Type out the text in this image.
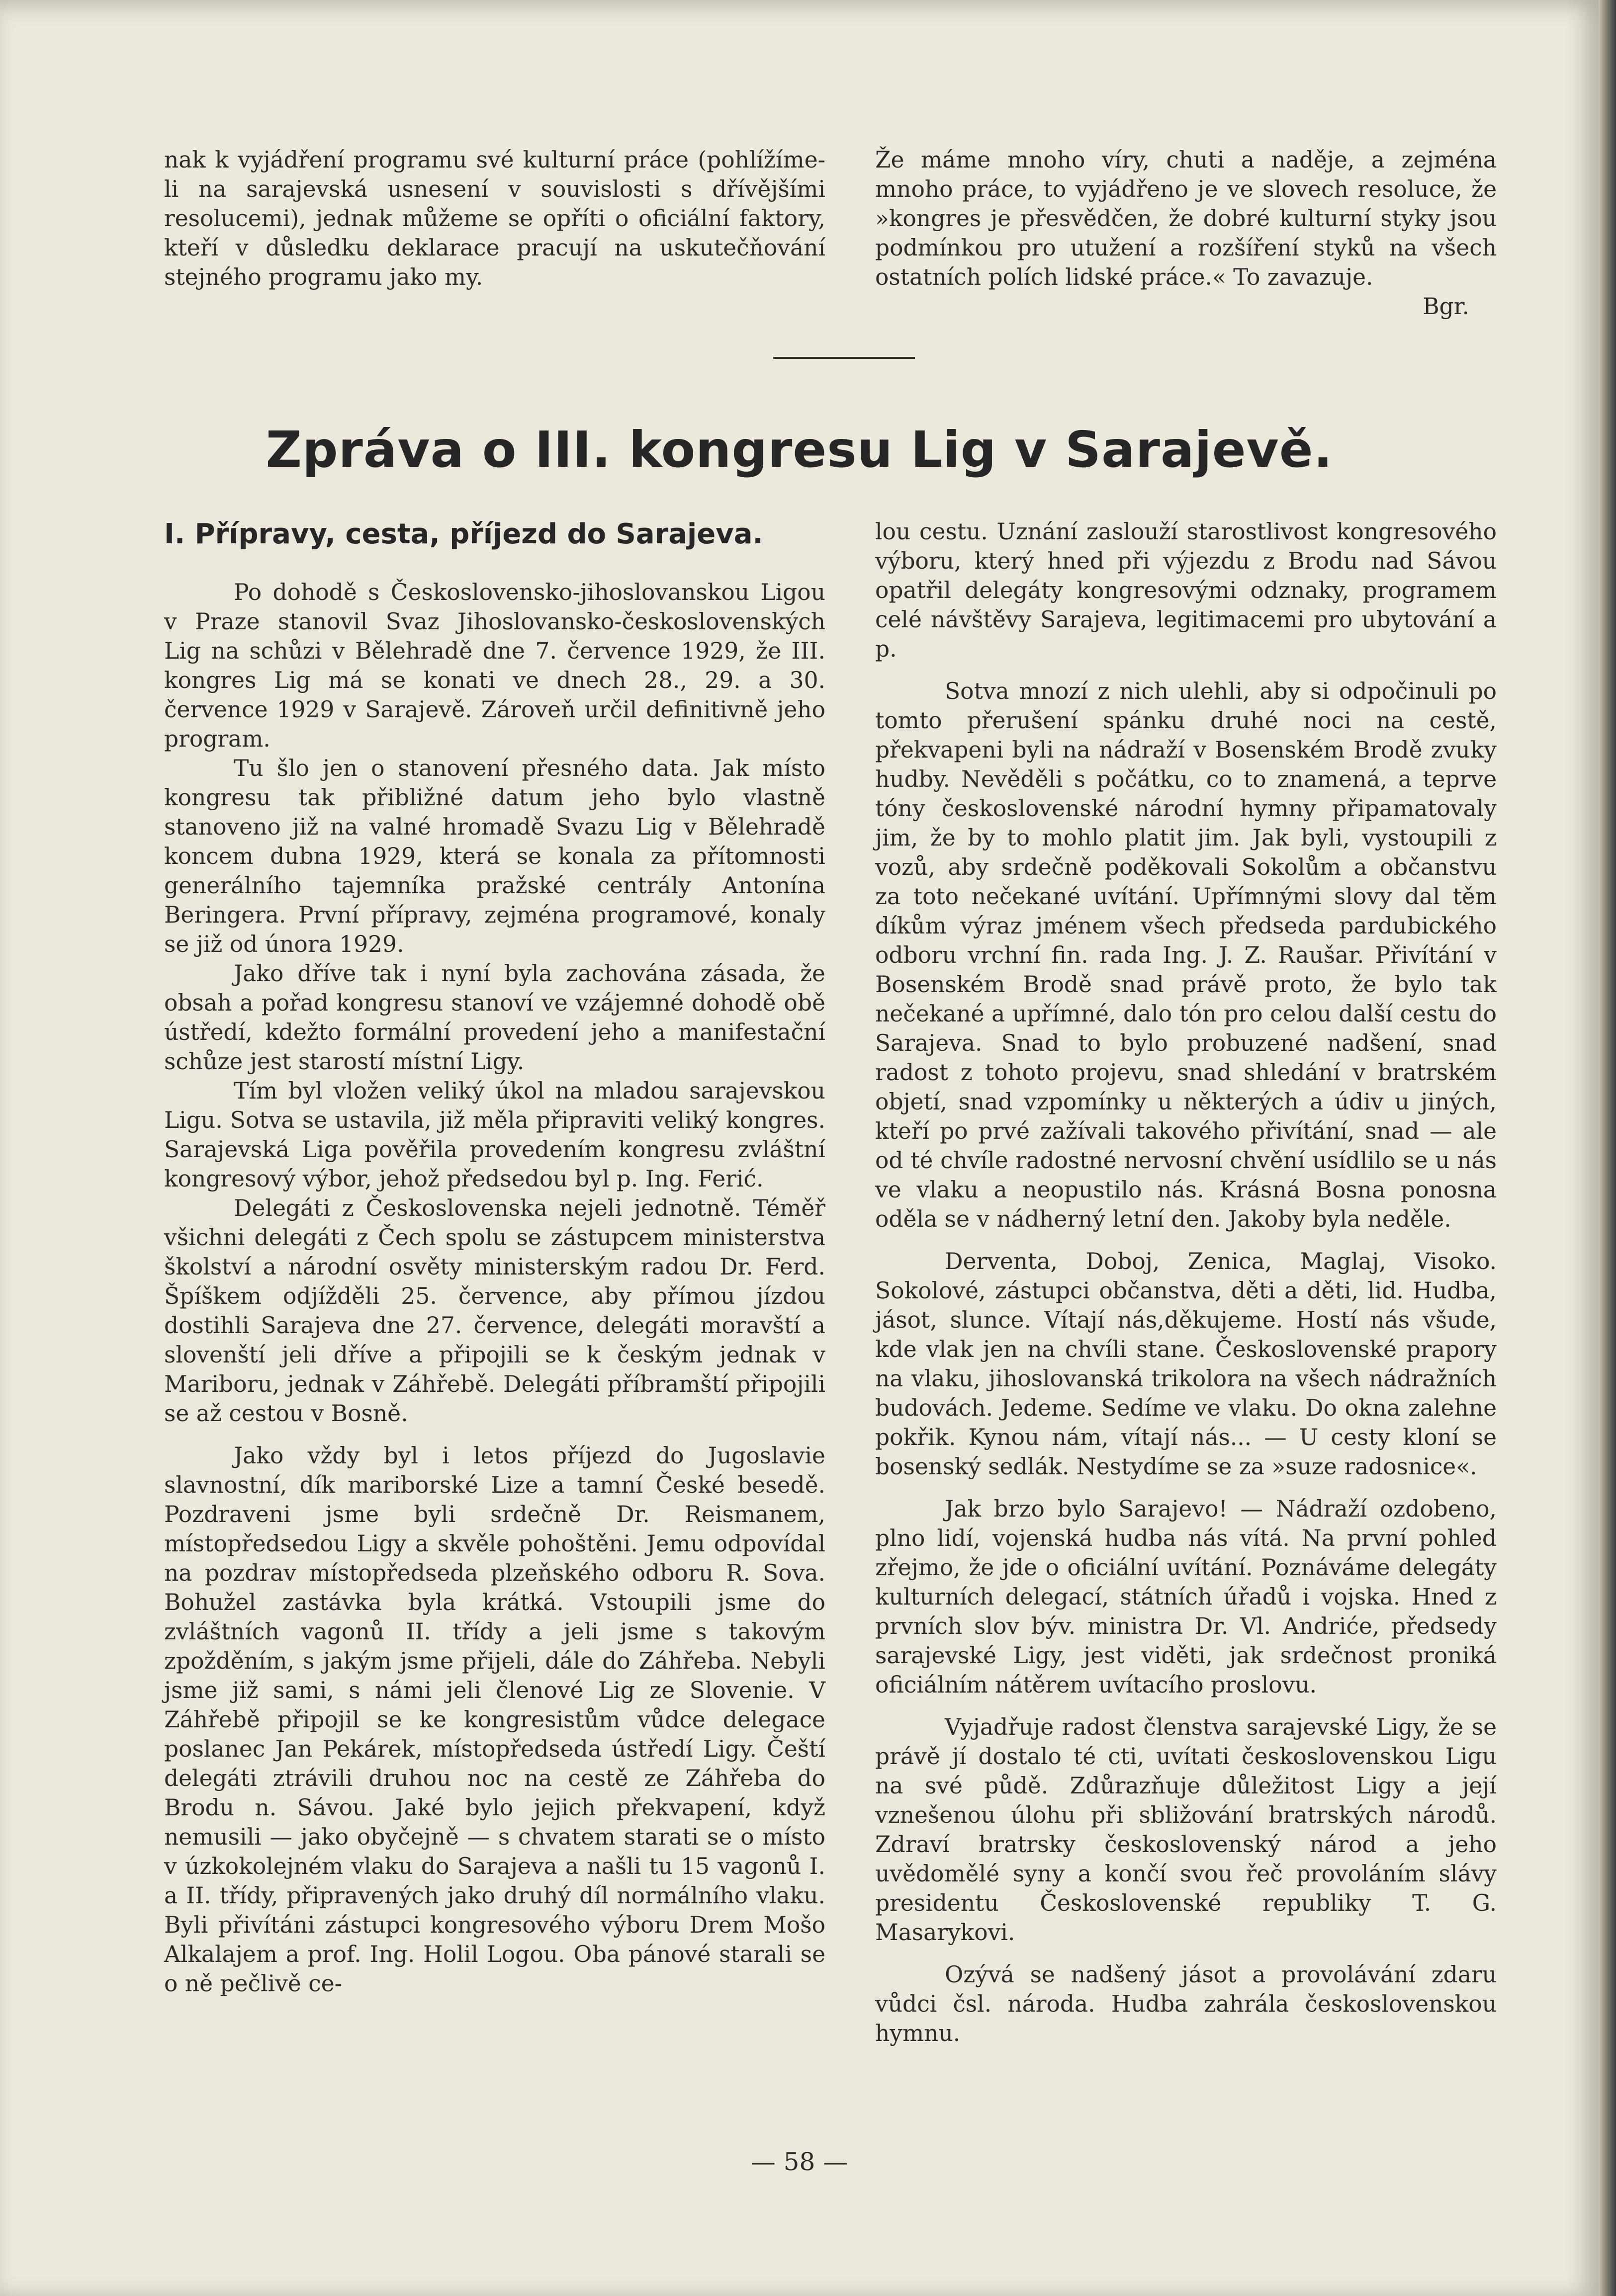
nak k vyjádření programu své kulturní práce (pohlížíme-li na sarajevská usnesení v souvislosti s dřívějšími resolucemi), jednak můžeme se opříti o oficiální faktory, kteří v důsledku deklarace pracují na uskutečňování stejného programu jako my.

Že máme mnoho víry, chuti a naděje, a zejména mnoho práce, to vyjádřeno je ve slovech resoluce, že »kongres je přesvědčen, že dobré kulturní styky jsou podmínkou pro utužení a rozšíření styků na všech ostatních polích lidské práce.« To zavazuje.

Bgr.
Zpráva o III. kongresu Lig v Sarajevě.
I. Přípravy, cesta, příjezd do Sarajeva.

Po dohodě s Československo-jihoslovanskou Ligou v Praze stanovil Svaz Jihoslovansko-československých Lig na schůzi v Bělehradě dne 7. července 1929, že III. kongres Lig má se konati ve dnech 28., 29. a 30. července 1929 v Sarajevě. Zároveň určil definitivně jeho program.

Tu šlo jen o stanovení přesného data. Jak místo kongresu tak přibližné datum jeho bylo vlastně stanoveno již na valné hromadě Svazu Lig v Bělehradě koncem dubna 1929, která se konala za přítomnosti generálního tajemníka pražské centrály Antonína Beringera. První přípravy, zejména programové, konaly se již od února 1929.

Jako dříve tak i nyní byla zachována zásada, že obsah a pořad kongresu stanoví ve vzájemné dohodě obě ústředí, kdežto formální provedení jeho a manifestační schůze jest starostí místní Ligy.

Tím byl vložen veliký úkol na mladou sarajevskou Ligu. Sotva se ustavila, již měla připraviti veliký kongres. Sarajevská Liga pověřila provedením kongresu zvláštní kongresový výbor, jehož předsedou byl p. Ing. Ferić.

Delegáti z Československa nejeli jednotně. Téměř všichni delegáti z Čech spolu se zástupcem ministerstva školství a národní osvěty ministerským radou Dr. Ferd. Špíškem odjížděli 25. července, aby přímou jízdou dostihli Sarajeva dne 27. července, delegáti moravští a slovenští jeli dříve a připojili se k českým jednak v Mariboru, jednak v Záhřebě. Delegáti příbramští připojili se až cestou v Bosně.

Jako vždy byl i letos příjezd do Jugoslavie slavnostní, dík mariborské Lize a tamní České besedě. Pozdraveni jsme byli srdečně Dr. Reismanem, místopředsedou Ligy a skvěle pohoštěni. Jemu odpovídal na pozdrav místopředseda plzeňského odboru R. Sova. Bohužel zastávka byla krátká. Vstoupili jsme do zvláštních vagonů II. třídy a jeli jsme s takovým zpožděním, s jakým jsme přijeli, dále do Záhřeba. Nebyli jsme již sami, s námi jeli členové Lig ze Slovenie. V Záhřebě připojil se ke kongresistům vůdce delegace poslanec Jan Pekárek, místopředseda ústředí Ligy. Čeští delegáti ztrávili druhou noc na cestě ze Záhřeba do Brodu n. Sávou. Jaké bylo jejich překvapení, když nemusili — jako obyčejně — s chvatem starati se o místo v úzkokolejném vlaku do Sarajeva a našli tu 15 vagonů I. a II. třídy, připravených jako druhý díl normálního vlaku. Byli přivítáni zástupci kongresového výboru Drem Mošo Alkalajem a prof. Ing. Holil Logou. Oba pánové starali se o ně pečlivě ce-

lou cestu. Uznání zaslouží starostlivost kongresového výboru, který hned při výjezdu z Brodu nad Sávou opatřil delegáty kongresovými odznaky, programem celé návštěvy Sarajeva, legitimacemi pro ubytování a p.

Sotva mnozí z nich ulehli, aby si odpočinuli po tomto přerušení spánku druhé noci na cestě, překvapeni byli na nádraží v Bosenském Brodě zvuky hudby. Nevěděli s počátku, co to znamená, a teprve tóny československé národní hymny připamatovaly jim, že by to mohlo platit jim. Jak byli, vystoupili z vozů, aby srdečně poděkovali Sokolům a občanstvu za toto nečekané uvítání. Upřímnými slovy dal těm díkům výraz jménem všech předseda pardubického odboru vrchní fin. rada Ing. J. Z. Raušar. Přivítání v Bosenském Brodě snad právě proto, že bylo tak nečekané a upřímné, dalo tón pro celou další cestu do Sarajeva. Snad to bylo probuzené nadšení, snad radost z tohoto projevu, snad shledání v bratrském objetí, snad vzpomínky u některých a údiv u jiných, kteří po prvé zažívali takového přivítání, snad — ale od té chvíle radostné nervosní chvění usídlilo se u nás ve vlaku a neopustilo nás. Krásná Bosna ponosna oděla se v nádherný letní den. Jakoby byla neděle.

Derventa, Doboj, Zenica, Maglaj, Visoko. Sokolové, zástupci občanstva, děti a děti, lid. Hudba, jásot, slunce. Vítají nás,děkujeme. Hostí nás všude, kde vlak jen na chvíli stane. Československé prapory na vlaku, jihoslovanská trikolora na všech nádražních budovách. Jedeme. Sedíme ve vlaku. Do okna zalehne pokřik. Kynou nám, vítají nás... — U cesty kloní se bosenský sedlák. Nestydíme se za »suze radosnice«.

Jak brzo bylo Sarajevo! — Nádraží ozdobeno, plno lidí, vojenská hudba nás vítá. Na první pohled zřejmo, že jde o oficiální uvítání. Poznáváme delegáty kulturních delegací, státních úřadů i vojska. Hned z prvních slov býv. ministra Dr. Vl. Andriće, předsedy sarajevské Ligy, jest viděti, jak srdečnost proniká oficiálním nátěrem uvítacího proslovu.

Vyjadřuje radost členstva sarajevské Ligy, že se právě jí dostalo té cti, uvítati československou Ligu na své půdě. Zdůrazňuje důležitost Ligy a její vznešenou úlohu při sbližování bratrských národů. Zdraví bratrsky československý národ a jeho uvědomělé syny a končí svou řeč provoláním slávy presidentu Československé republiky T. G. Masarykovi.

Ozývá se nadšený jásot a provolávání zdaru vůdci čsl. národa. Hudba zahrála československou hymnu.

— 58 —
